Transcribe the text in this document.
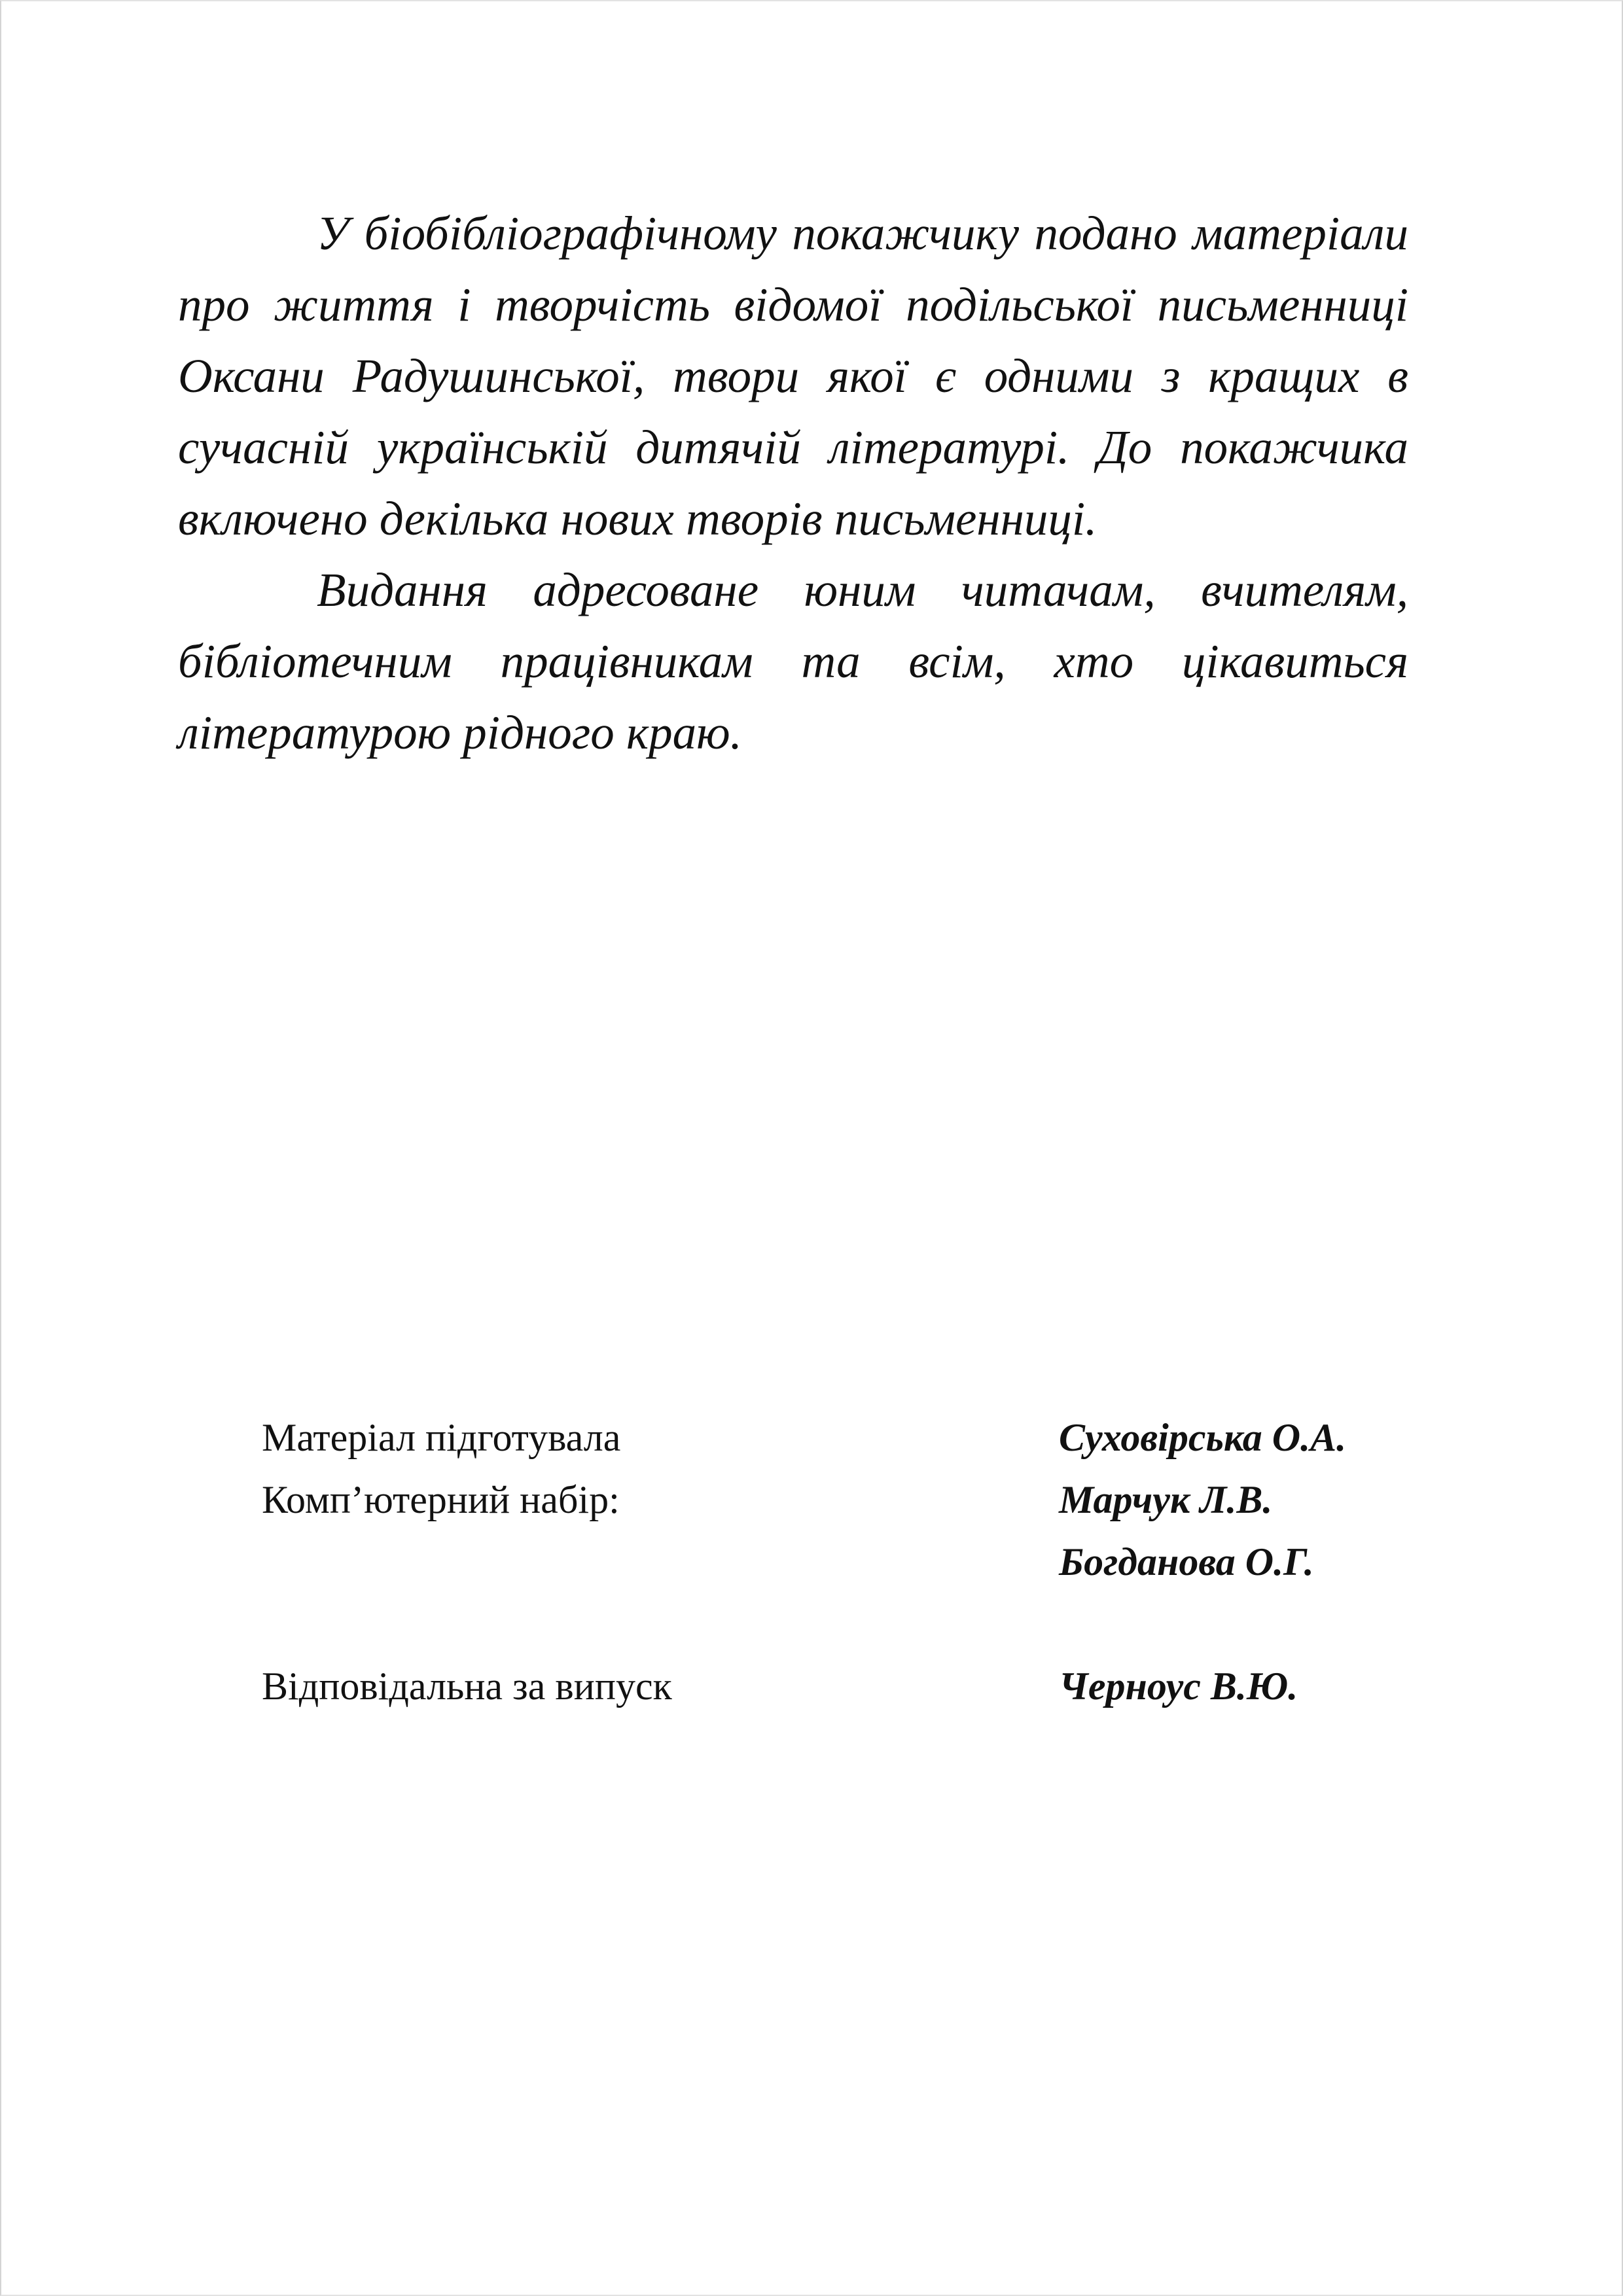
У біобібліографічному покажчику подано матеріали про життя і творчість відомої подільської письменниці Оксани Радушинської, твори якої є одними з кращих в сучасній українській дитячій літературі. До покажчика включено декілька нових творів письменниці.

Видання адресоване юним читачам, вчителям, бібліотечним працівникам та всім, хто цікавиться літературою рідного краю.

Матеріал підготувала	Суховірська О.А.
Комп’ютерний набір:	Марчук Л.В.
Богданова О.Г.
Відповідальна за випуск	Черноус В.Ю.
